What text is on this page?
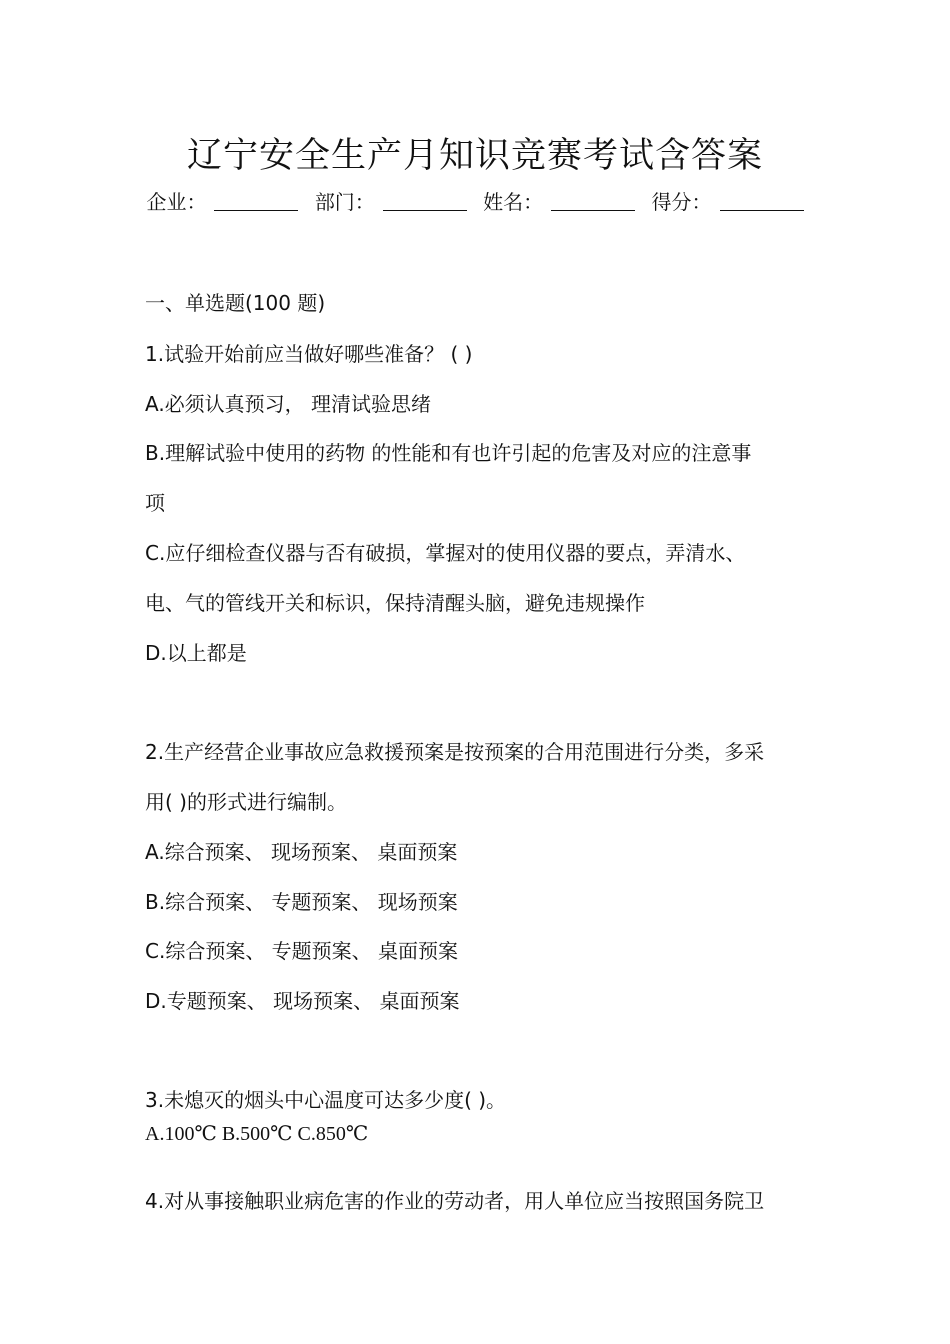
辽宁安全生产月知识竞赛考试含答案
企业：	部门：	姓名：	得分：
一、单选题(100 题)
1.试验开始前应当做好哪些准备？ ( )
A.必须认真预习， 理清试验思绪
B.理解试验中使用的药物 的性能和有也许引起的危害及对应的注意事
项
C.应仔细检查仪器与否有破损，掌握对的使用仪器的要点，弄清水、
电、气的管线开关和标识，保持清醒头脑，避免违规操作
D.以上都是
2.生产经营企业事故应急救援预案是按预案的合用范围进行分类，多采
用( )的形式进行编制。
A.综合预案、 现场预案、 桌面预案
B.综合预案、 专题预案、 现场预案
C.综合预案、 专题预案、 桌面预案
D.专题预案、 现场预案、 桌面预案
3.未熄灭的烟头中心温度可达多少度( )。
A.100℃ B.500℃ C.850℃
4.对从事接触职业病危害的作业的劳动者，用人单位应当按照国务院卫
